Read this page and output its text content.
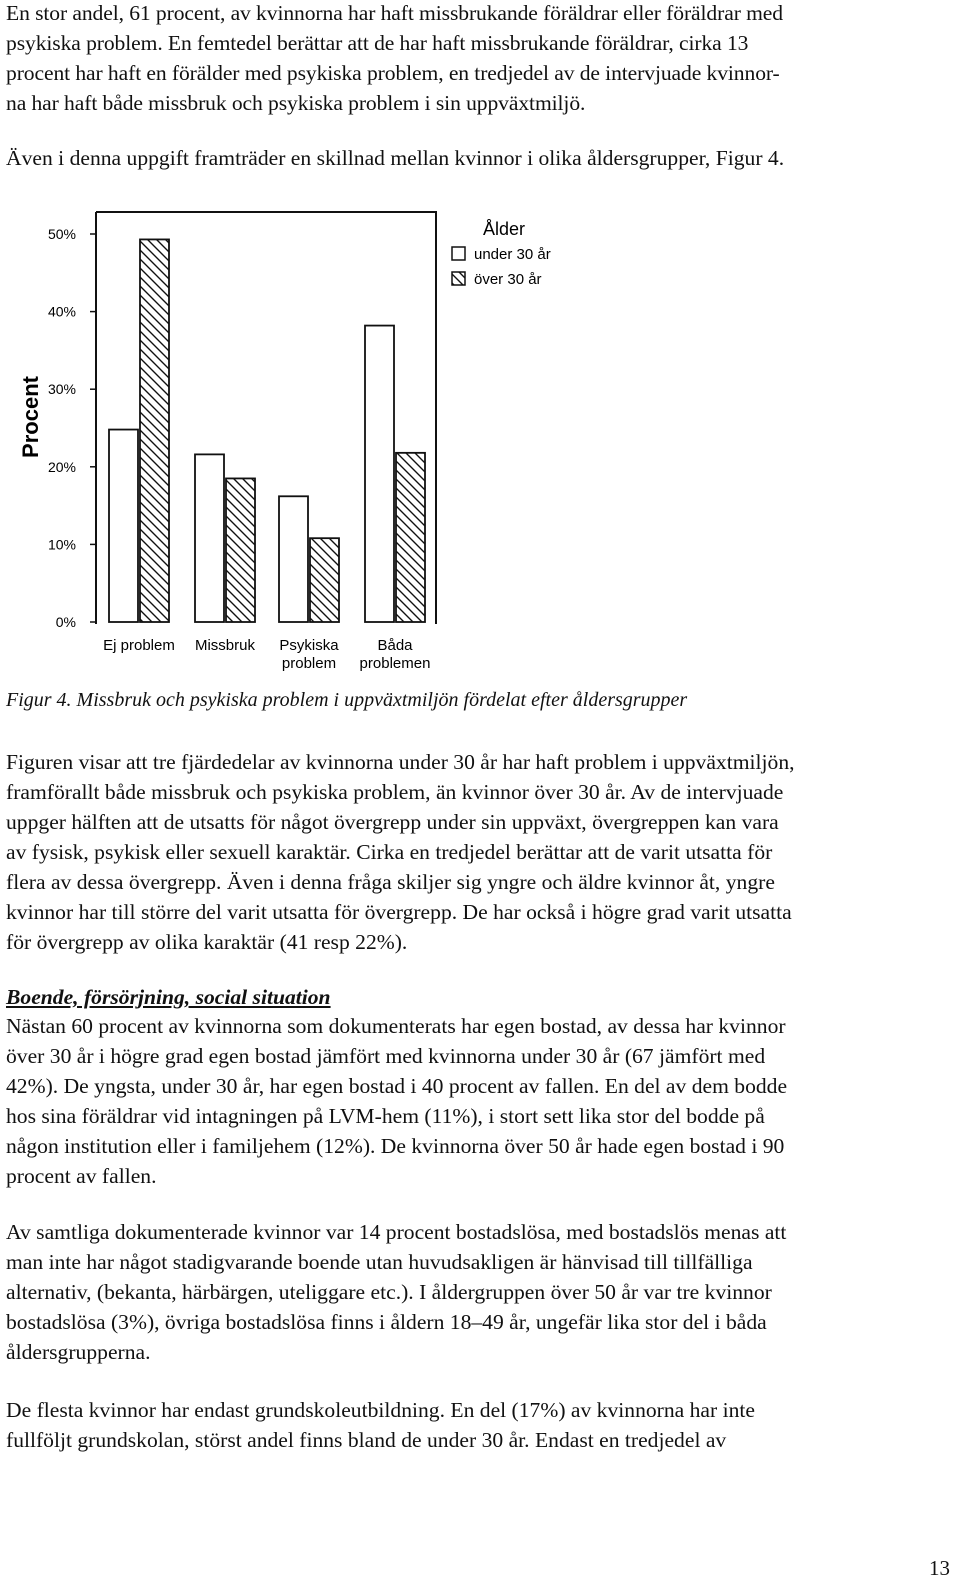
En stor andel, 61 procent, av kvinnorna har haft missbrukande föräldrar eller föräldrar med
psykiska problem. En femtedel berättar att de har haft missbrukande föräldrar, cirka 13
procent har haft en förälder med psykiska problem, en tredjedel av de intervjuade kvinnor-
na har haft både missbruk och psykiska problem i sin uppväxtmiljö.
Även i denna uppgift framträder en skillnad mellan kvinnor i olika åldersgrupper, Figur 4.
0%
10%
20%
30%
40%
50%
Procent
Ej problem Missbruk Psykiska
problem
Båda
problemen
Ålder
under 30 år
över 30 år

Figur 4. Missbruk och psykiska problem i uppväxtmiljön fördelat efter åldersgrupper

Figuren visar att tre fjärdedelar av kvinnorna under 30 år har haft problem i uppväxtmiljön,
framförallt både missbruk och psykiska problem, än kvinnor över 30 år. Av de intervjuade
uppger hälften att de utsatts för något övergrepp under sin uppväxt, övergreppen kan vara
av fysisk, psykisk eller sexuell karaktär. Cirka en tredjedel berättar att de varit utsatta för
flera av dessa övergrepp. Även i denna fråga skiljer sig yngre och äldre kvinnor åt, yngre
kvinnor har till större del varit utsatta för övergrepp. De har också i högre grad varit utsatta
för övergrepp av olika karaktär (41 resp 22%).

Boende, försörjning, social situation

Nästan 60 procent av kvinnorna som dokumenterats har egen bostad, av dessa har kvinnor
över 30 år i högre grad egen bostad jämfört med kvinnorna under 30 år (67 jämfört med
42%). De yngsta, under 30 år, har egen bostad i 40 procent av fallen. En del av dem bodde
hos sina föräldrar vid intagningen på LVM-hem (11%), i stort sett lika stor del bodde på
någon institution eller i familjehem (12%). De kvinnorna över 50 år hade egen bostad i 90
procent av fallen.
Av samtliga dokumenterade kvinnor var 14 procent bostadslösa, med bostadslös menas att
man inte har något stadigvarande boende utan huvudsakligen är hänvisad till tillfälliga
alternativ, (bekanta, härbärgen, uteliggare etc.). I åldergruppen över 50 år var tre kvinnor
bostadslösa (3%), övriga bostadslösa finns i åldern 18–49 år, ungefär lika stor del i båda
åldersgrupperna.
De flesta kvinnor har endast grundskoleutbildning. En del (17%) av kvinnorna har inte
fullföljt grundskolan, störst andel finns bland de under 30 år. Endast en tredjedel av

13
